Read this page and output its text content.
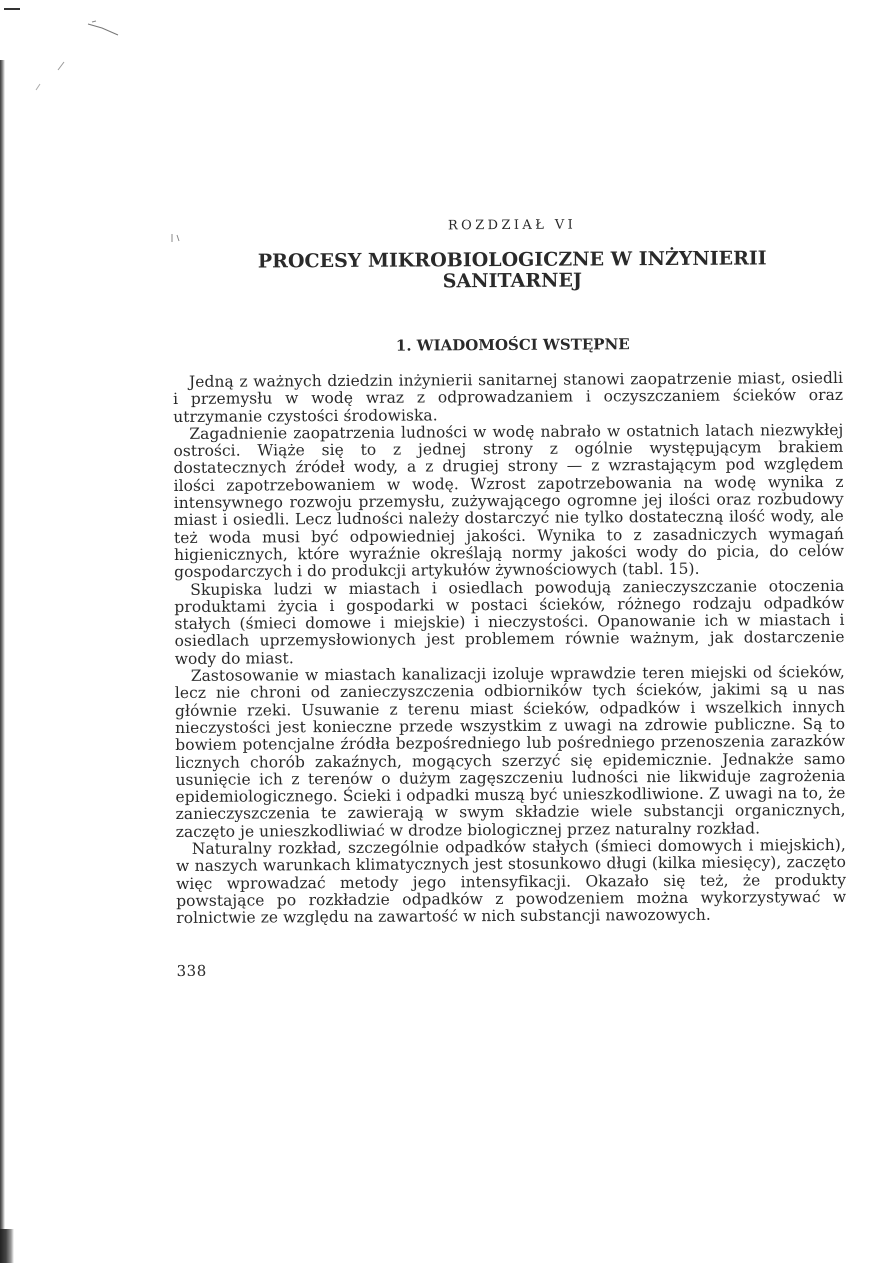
ROZDZIAŁ VI
PROCESY MIKROBIOLOGICZNE W INŻYNIERII
SANITARNEJ
1. WIADOMOŚCI WSTĘPNE

Jedną z ważnych dziedzin inżynierii sanitarnej stanowi zaopatrzenie miast, osiedli i przemysłu w wodę wraz z odprowadzaniem i oczyszczaniem ścieków oraz utrzymanie czystości środowiska.

Zagadnienie zaopatrzenia ludności w wodę nabrało w ostatnich latach niezwykłej ostrości. Wiąże się to z jednej strony z ogólnie występującym brakiem dostatecznych źródeł wody, a z drugiej strony — z wzrastającym pod względem ilości zapotrzebowaniem w wodę. Wzrost zapotrzebowania na wodę wynika z intensywnego rozwoju przemysłu, zużywającego ogromne jej ilości oraz rozbudowy miast i osiedli. Lecz ludności należy dostarczyć nie tylko dostateczną ilość wody, ale też woda musi być odpowiedniej jakości. Wynika to z zasadniczych wymagań higienicznych, które wyraźnie określają normy jakości wody do picia, do celów gospodarczych i do produkcji artykułów żywnościowych (tabl. 15).

Skupiska ludzi w miastach i osiedlach powodują zanieczyszczanie otoczenia produktami życia i gospodarki w postaci ścieków, różnego rodzaju odpadków stałych (śmieci domowe i miejskie) i nieczystości. Opanowanie ich w miastach i osiedlach uprzemysłowionych jest problemem równie ważnym, jak dostarczenie wody do miast.

Zastosowanie w miastach kanalizacji izoluje wprawdzie teren miejski od ścieków, lecz nie chroni od zanieczyszczenia odbiorników tych ścieków, jakimi są u nas głównie rzeki. Usuwanie z terenu miast ścieków, odpadków i wszelkich innych nieczystości jest konieczne przede wszystkim z uwagi na zdrowie publiczne. Są to bowiem potencjalne źródła bezpośredniego lub pośredniego przenoszenia zarazków licznych chorób zakaźnych, mogących szerzyć się epidemicznie. Jednakże samo usunięcie ich z terenów o dużym zagęszczeniu ludności nie likwiduje zagrożenia epidemiologicznego. Ścieki i odpadki muszą być unieszkodliwione. Z uwagi na to, że zanieczyszczenia te zawierają w swym składzie wiele substancji organicznych, zaczęto je unieszkodliwiać w drodze biologicznej przez naturalny rozkład.

Naturalny rozkład, szczególnie odpadków stałych (śmieci domowych i miejskich), w naszych warunkach klimatycznych jest stosunkowo długi (kilka miesięcy), zaczęto więc wprowadzać metody jego intensyfikacji. Okazało się też, że produkty powstające po rozkładzie odpadków z powodzeniem można wykorzystywać w rolnictwie ze względu na zawartość w nich substancji nawozowych.

338
